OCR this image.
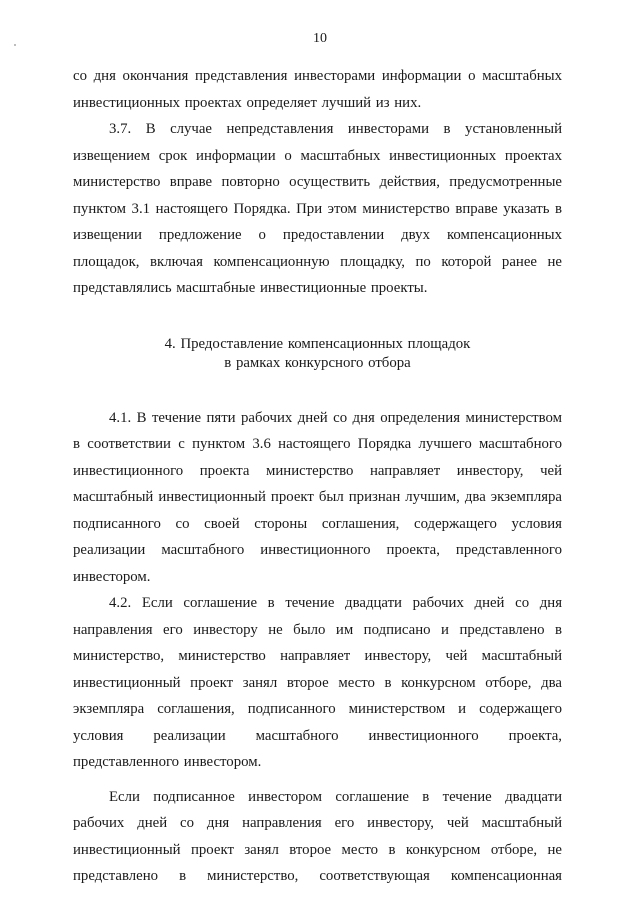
10

со дня окончания представления инвесторами информации о масштабных инвестиционных проектах определяет лучший из них.

3.7. В случае непредставления инвесторами в установленный извещением срок информации о масштабных инвестиционных проектах министерство вправе повторно осуществить действия, предусмотренные пунктом 3.1 настоящего Порядка. При этом министерство вправе указать в извещении предложение о предоставлении двух компенсационных площадок, включая компенсационную площадку, по которой ранее не представлялись масштабные инвестиционные проекты.

4. Предоставление компенсационных площадок
в рамках конкурсного отбора

4.1. В течение пяти рабочих дней со дня определения министерством в соответствии с пунктом 3.6 настоящего Порядка лучшего масштабного инвестиционного проекта министерство направляет инвестору, чей масштабный инвестиционный проект был признан лучшим, два экземпляра подписанного со своей стороны соглашения, содержащего условия реализации масштабного инвестиционного проекта, представленного инвестором.

4.2. Если соглашение в течение двадцати рабочих дней со дня направления его инвестору не было им подписано и представлено в министерство, министерство направляет инвестору, чей масштабный инвестиционный проект занял второе место в конкурсном отборе, два экземпляра соглашения, подписанного министерством и содержащего условия реализации масштабного инвестиционного проекта, представленного инвестором.

Если подписанное инвестором соглашение в течение двадцати рабочих дней со дня направления его инвестору, чей масштабный инвестиционный проект занял второе место в конкурсном отборе, не представлено в министерство, соответствующая компенсационная
